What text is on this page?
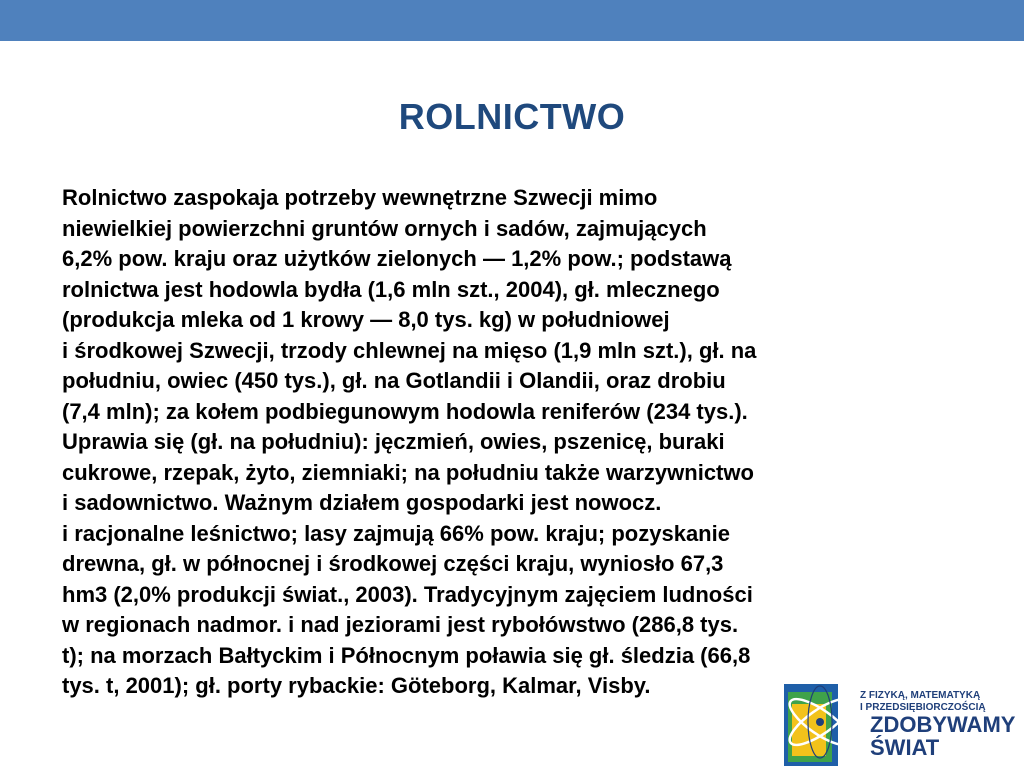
ROLNICTWO

Rolnictwo zaspokaja potrzeby wewnętrzne Szwecji mimo
niewielkiej powierzchni gruntów ornych i sadów, zajmujących
6,2% pow. kraju oraz użytków zielonych — 1,2% pow.; podstawą
rolnictwa jest hodowla bydła (1,6 mln szt., 2004), gł. mlecznego
(produkcja mleka od 1 krowy — 8,0 tys. kg) w południowej
i środkowej Szwecji, trzody chlewnej na mięso (1,9 mln szt.), gł. na
południu, owiec (450 tys.), gł. na Gotlandii i Olandii, oraz drobiu
(7,4 mln); za kołem podbiegunowym hodowla reniferów (234 tys.).
Uprawia się (gł. na południu): jęczmień, owies, pszenicę, buraki
cukrowe, rzepak, żyto, ziemniaki; na południu także warzywnictwo
i sadownictwo. Ważnym działem gospodarki jest nowocz.
i racjonalne leśnictwo; lasy zajmują 66% pow. kraju; pozyskanie
drewna, gł. w północnej i środkowej części kraju, wyniosło 67,3
hm3 (2,0% produkcji świat., 2003). Tradycyjnym zajęciem ludności
w regionach nadmor. i nad jeziorami jest rybołówstwo (286,8 tys.
t); na morzach Bałtyckim i Północnym poławia się gł. śledzia (66,8
tys. t, 2001); gł. porty rybackie: Göteborg, Kalmar, Visby.	Z FIZYKĄ, MATEMATYKĄ
I PRZEDSIĘBIORCZOŚCIĄ
ZDOBYWAMY
ŚWIAT
